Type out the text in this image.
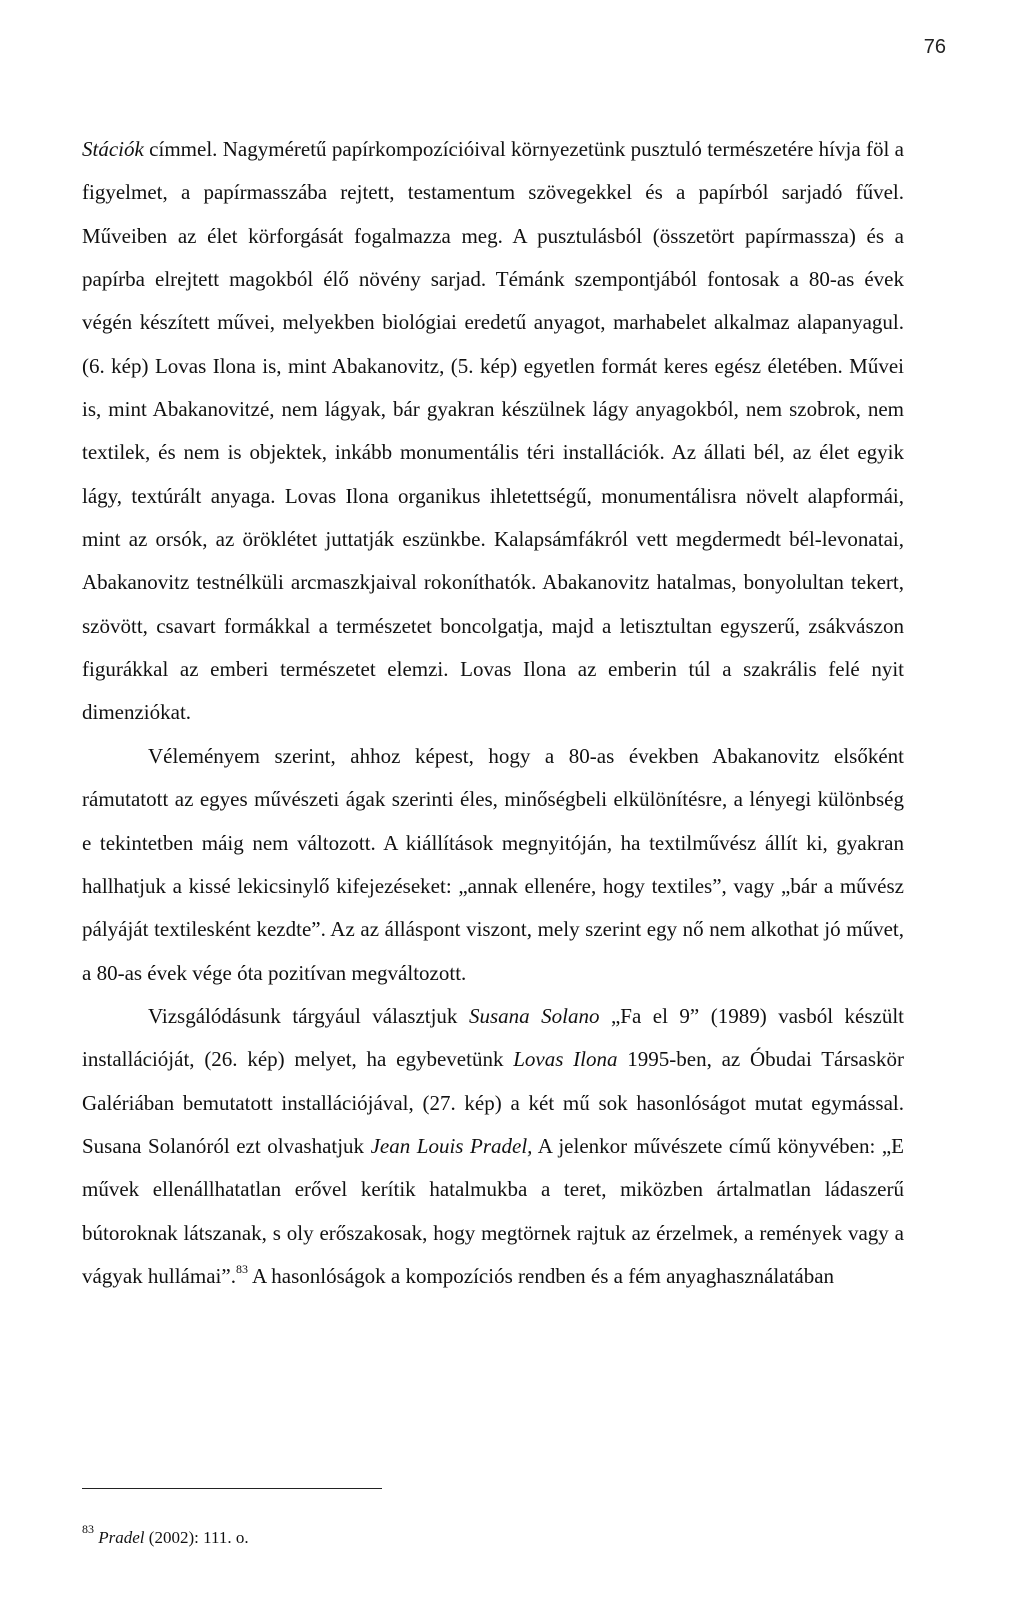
76

Stációk címmel. Nagyméretű papírkompozícióival környezetünk pusztuló természetére hívja föl a figyelmet, a papírmasszába rejtett, testamentum szövegekkel és a papírból sarjadó fűvel. Műveiben az élet körforgását fogalmazza meg. A pusztulásból (összetört papírmassza) és a papírba elrejtett magokból élő növény sarjad. Témánk szempontjából fontosak a 80-as évek végén készített művei, melyekben biológiai eredetű anyagot, marhabelet alkalmaz alapanyagul. (6. kép) Lovas Ilona is, mint Abakanovitz, (5. kép) egyetlen formát keres egész életében. Művei is, mint Abakanovitzé, nem lágyak, bár gyakran készülnek lágy anyagokból, nem szobrok, nem textilek, és nem is objektek, inkább monumentális téri installációk. Az állati bél, az élet egyik lágy, textúrált anyaga. Lovas Ilona organikus ihletettségű, monumentálisra növelt alapformái, mint az orsók, az öröklétet juttatják eszünkbe. Kalapsámfákról vett megdermedt bél-levonatai, Abakanovitz testnélküli arcmaszkjaival rokoníthatók. Abakanovitz hatalmas, bonyolultan tekert, szövött, csavart formákkal a természetet boncolgatja, majd a letisztultan egyszerű, zsákvászon figurákkal az emberi természetet elemzi. Lovas Ilona az emberin túl a szakrális felé nyit dimenziókat.

Véleményem szerint, ahhoz képest, hogy a 80-as években Abakanovitz elsőként rámutatott az egyes művészeti ágak szerinti éles, minőségbeli elkülönítésre, a lényegi különbség e tekintetben máig nem változott. A kiállítások megnyitóján, ha textilművész állít ki, gyakran hallhatjuk a kissé lekicsinylő kifejezéseket: „annak ellenére, hogy textiles”, vagy „bár a művész pályáját textilesként kezdte”. Az az álláspont viszont, mely szerint egy nő nem alkothat jó művet, a 80-as évek vége óta pozitívan megváltozott.

Vizsgálódásunk tárgyául választjuk Susana Solano „Fa el 9” (1989) vasból készült installációját, (26. kép) melyet, ha egybevetünk Lovas Ilona 1995-ben, az Óbudai Társaskör Galériában bemutatott installációjával, (27. kép) a két mű sok hasonlóságot mutat egymással. Susana Solanóról ezt olvashatjuk Jean Louis Pradel, A jelenkor művészete című könyvében: „E művek ellenállhatatlan erővel kerítik hatalmukba a teret, miközben ártalmatlan ládaszerű bútoroknak látszanak, s oly erőszakosak, hogy megtörnek rajtuk az érzelmek, a remények vagy a vágyak hullámai”.$^{83}$ A hasonlóságok a kompozíciós rendben és a fém anyaghasználatában

$^{83}$ Pradel (2002): 111. o.
